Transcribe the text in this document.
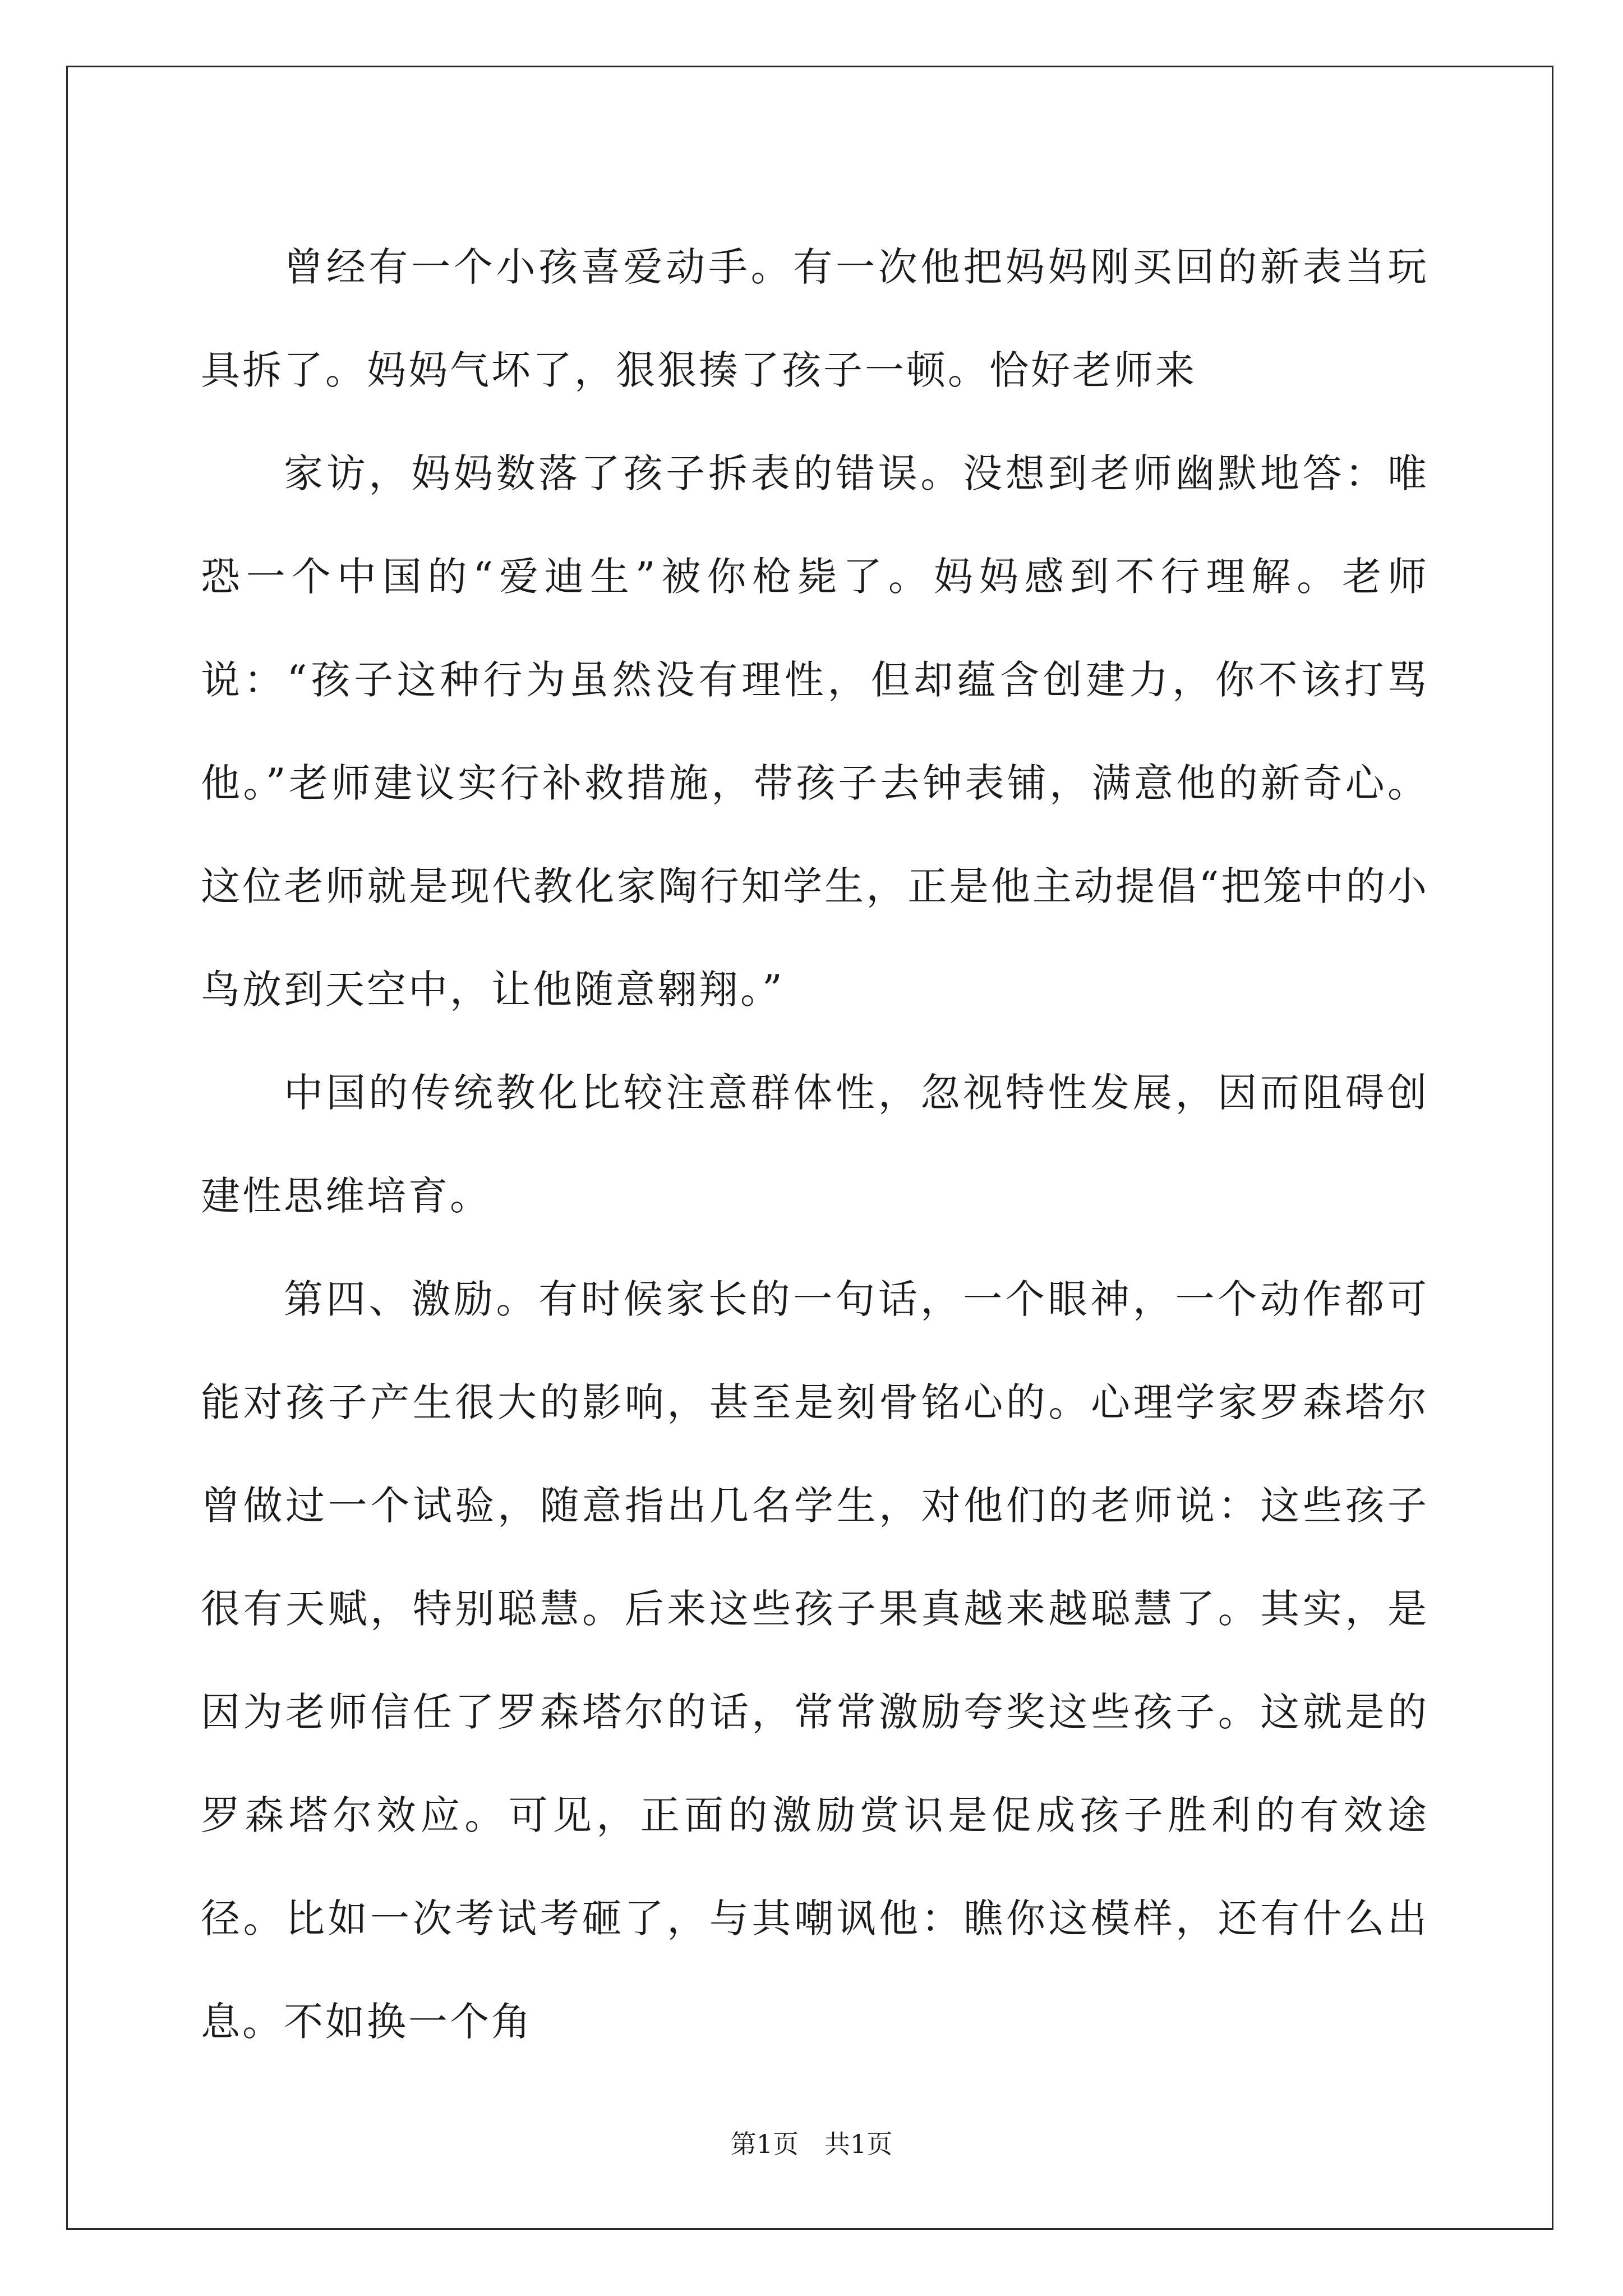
曾经有一个小孩喜爱动手。有一次他把妈妈刚买回的新表当玩具拆了。妈妈气坏了，狠狠揍了孩子一顿。恰好老师来

家访，妈妈数落了孩子拆表的错误。没想到老师幽默地答：唯恐一个中国的“爱迪生”被你枪毙了。妈妈感到不行理解。老师说：“孩子这种行为虽然没有理性，但却蕴含创建力，你不该打骂他。”老师建议实行补救措施，带孩子去钟表铺，满意他的新奇心。这位老师就是现代教化家陶行知学生，正是他主动提倡“把笼中的小鸟放到天空中，让他随意翱翔。”

中国的传统教化比较注意群体性，忽视特性发展，因而阻碍创建性思维培育。

第四、激励。有时候家长的一句话，一个眼神，一个动作都可能对孩子产生很大的影响，甚至是刻骨铭心的。心理学家罗森塔尔曾做过一个试验，随意指出几名学生，对他们的老师说：这些孩子很有天赋，特别聪慧。后来这些孩子果真越来越聪慧了。其实，是因为老师信任了罗森塔尔的话，常常激励夸奖这些孩子。这就是的罗森塔尔效应。可见，正面的激励赏识是促成孩子胜利的有效途径。比如一次考试考砸了，与其嘲讽他：瞧你这模样，还有什么出息。不如换一个角

第1页　共1页
